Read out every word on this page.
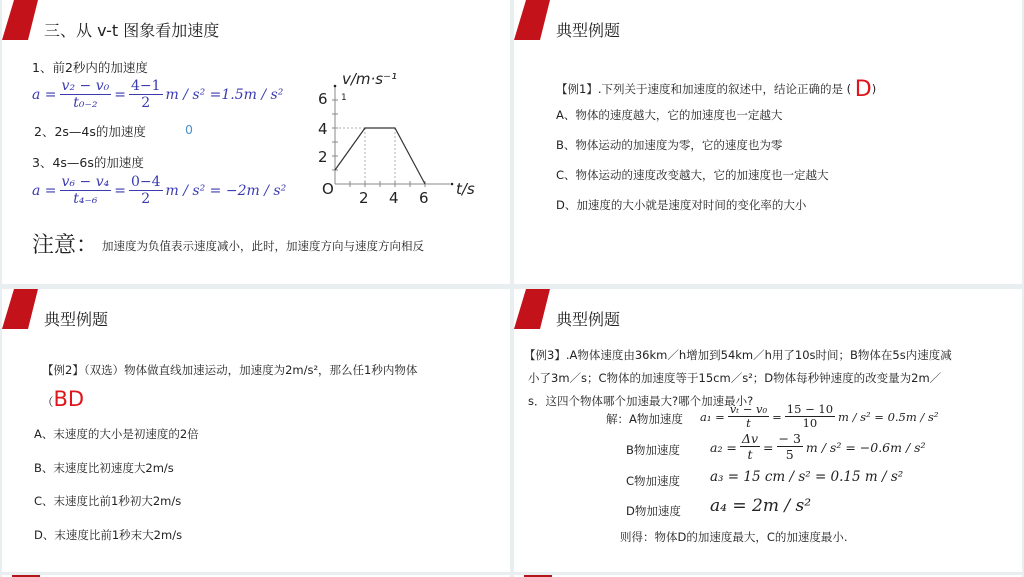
三、从 v-t 图象看加速度
1、前2秒内的加速度
$a = \frac{\text{v₂ − v₀}}{\text{t₀₋₂}} = \frac{4-1}{2}$ m / s²
=1.5m / s²
2、2s—4s的加速度	0
3、4s—6s的加速度
$a = \frac{\text{v₆ − v₄}}{\text{t₄₋₆}} = \frac{0-4}{2}$ m / s²
= −2m / s²
注意： 加速度为负值表示速度减小，此时，加速度方向与速度方向相反
v/m·s⁻¹
6 1
4
2
O 2 4 6 t/s
典型例题
【例1】.下列关于速度和加速度的叙述中，结论正确的是 ( D)
A、物体的速度越大，它的加速度也一定越大
B、物体运动的加速度为零，它的速度也为零
C、物体运动的速度改变越大，它的加速度也一定越大
D、加速度的大小就是速度对时间的变化率的大小
典型例题
【例2】（双选）物体做直线加速运动，加速度为2m/s²，那么任1秒内物体
（BD
A、末速度的大小是初速度的2倍
B、末速度比初速度大2m/s
C、末速度比前1秒初大2m/s
D、末速度比前1秒末大2m/s
典型例题
【例3】.A物体速度由36km／h增加到54km／h用了10s时间；B物体在5s内速度减
小了3m／s；C物体的加速度等于15cm／s²；D物体每秒钟速度的改变量为2m／
s．这四个物体哪个加速最大?哪个加速最小?
解：A物加速度 $a_1 = \frac{\text{vₜ − v₀}}{t} = \frac{15 - 10}{10}$ m / s² = 0.5m / s²
B物加速度 $a_2 = \frac{\Delta v}{t} = \frac{- 3}{5}$ m / s² = −0.6m / s²
C物加速度 a₃ = 15 cm / s² = 0.15 m / s²
D物加速度 a₄ = 2m / s²
则得：物体D的加速度最大，C的加速度最小.
